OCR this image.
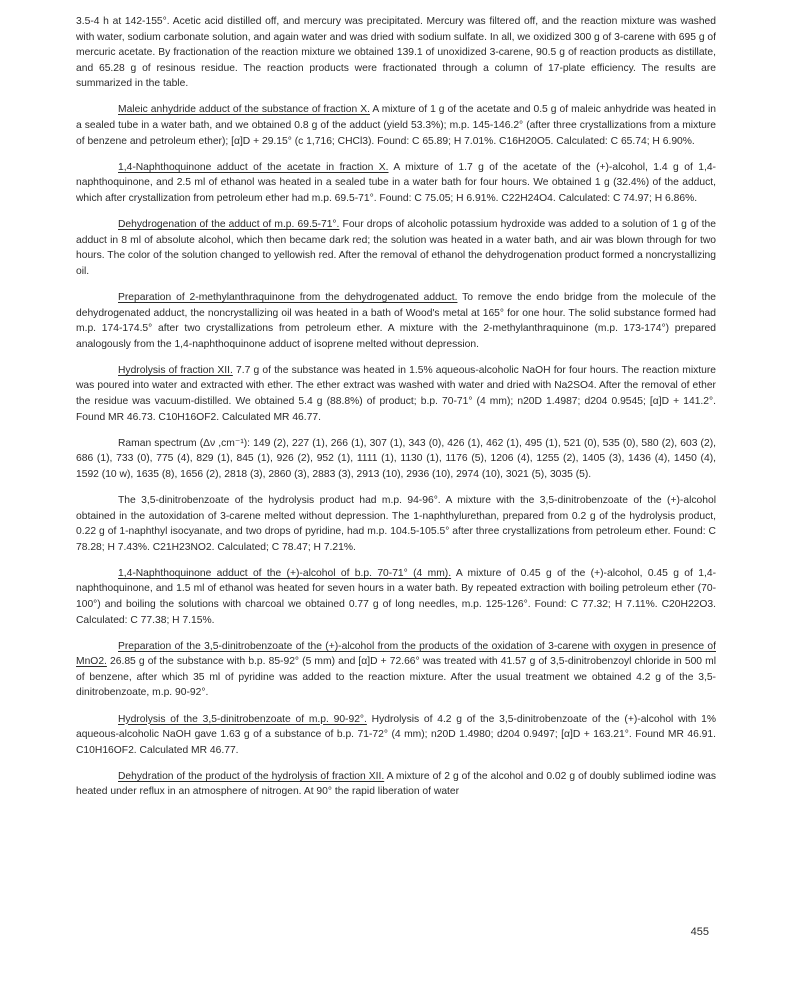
3.5-4 h at 142-155°. Acetic acid distilled off, and mercury was precipitated. Mercury was filtered off, and the reaction mixture was washed with water, sodium carbonate solution, and again water and was dried with sodium sulfate. In all, we oxidized 300 g of 3-carene with 695 g of mercuric acetate. By fractionation of the reaction mixture we obtained 139.1 of unoxidized 3-carene, 90.5 g of reaction products as distillate, and 65.28 g of resinous residue. The reaction products were fractionated through a column of 17-plate efficiency. The results are summarized in the table.

Maleic anhydride adduct of the substance of fraction X. A mixture of 1 g of the acetate and 0.5 g of maleic anhydride was heated in a sealed tube in a water bath, and we obtained 0.8 g of the adduct (yield 53.3%); m.p. 145-146.2° (after three crystallizations from a mixture of benzene and petroleum ether); [α]D + 29.15° (c 1,716; CHCl3). Found: C 65.89; H 7.01%. C16H20O5. Calculated: C 65.74; H 6.90%.

1,4-Naphthoquinone adduct of the acetate in fraction X. A mixture of 1.7 g of the acetate of the (+)-alcohol, 1.4 g of 1,4-naphthoquinone, and 2.5 ml of ethanol was heated in a sealed tube in a water bath for four hours. We obtained 1 g (32.4%) of the adduct, which after crystallization from petroleum ether had m.p. 69.5-71°. Found: C 75.05; H 6.91%. C22H24O4. Calculated: C 74.97; H 6.86%.

Dehydrogenation of the adduct of m.p. 69.5-71°. Four drops of alcoholic potassium hydroxide was added to a solution of 1 g of the adduct in 8 ml of absolute alcohol, which then became dark red; the solution was heated in a water bath, and air was blown through for two hours. The color of the solution changed to yellowish red. After the removal of ethanol the dehydrogenation product formed a noncrystallizing oil.

Preparation of 2-methylanthraquinone from the dehydrogenated adduct. To remove the endo bridge from the molecule of the dehydrogenated adduct, the noncrystallizing oil was heated in a bath of Wood's metal at 165° for one hour. The solid substance formed had m.p. 174-174.5° after two crystallizations from petroleum ether. A mixture with the 2-methylanthraquinone (m.p. 173-174°) prepared analogously from the 1,4-naphthoquinone adduct of isoprene melted without depression.

Hydrolysis of fraction XII. 7.7 g of the substance was heated in 1.5% aqueous-alcoholic NaOH for four hours. The reaction mixture was poured into water and extracted with ether. The ether extract was washed with water and dried with Na2SO4. After the removal of ether the residue was vacuum-distilled. We obtained 5.4 g (88.8%) of product; b.p. 70-71° (4 mm); n20D 1.4987; d204 0.9545; [α]D + 141.2°. Found MR 46.73. C10H16OF2. Calculated MR 46.77.

Raman spectrum (Δν ,cm⁻¹): 149 (2), 227 (1), 266 (1), 307 (1), 343 (0), 426 (1), 462 (1), 495 (1), 521 (0), 535 (0), 580 (2), 603 (2), 686 (1), 733 (0), 775 (4), 829 (1), 845 (1), 926 (2), 952 (1), 1111 (1), 1130 (1), 1176 (5), 1206 (4), 1255 (2), 1405 (3), 1436 (4), 1450 (4), 1592 (10 w), 1635 (8), 1656 (2), 2818 (3), 2860 (3), 2883 (3), 2913 (10), 2936 (10), 2974 (10), 3021 (5), 3035 (5).

The 3,5-dinitrobenzoate of the hydrolysis product had m.p. 94-96°. A mixture with the 3,5-dinitrobenzoate of the (+)-alcohol obtained in the autoxidation of 3-carene melted without depression. The 1-naphthylurethan, prepared from 0.2 g of the hydrolysis product, 0.22 g of 1-naphthyl isocyanate, and two drops of pyridine, had m.p. 104.5-105.5° after three crystallizations from petroleum ether. Found: C 78.28; H 7.43%. C21H23NO2. Calculated; C 78.47; H 7.21%.

1,4-Naphthoquinone adduct of the (+)-alcohol of b.p. 70-71° (4 mm). A mixture of 0.45 g of the (+)-alcohol, 0.45 g of 1,4-naphthoquinone, and 1.5 ml of ethanol was heated for seven hours in a water bath. By repeated extraction with boiling petroleum ether (70-100°) and boiling the solutions with charcoal we obtained 0.77 g of long needles, m.p. 125-126°. Found: C 77.32; H 7.11%. C20H22O3. Calculated: C 77.38; H 7.15%.

Preparation of the 3,5-dinitrobenzoate of the (+)-alcohol from the products of the oxidation of 3-carene with oxygen in presence of MnO2. 26.85 g of the substance with b.p. 85-92° (5 mm) and [α]D + 72.66° was treated with 41.57 g of 3,5-dinitrobenzoyl chloride in 500 ml of benzene, after which 35 ml of pyridine was added to the reaction mixture. After the usual treatment we obtained 4.2 g of the 3,5-dinitrobenzoate, m.p. 90-92°.

Hydrolysis of the 3,5-dinitrobenzoate of m.p. 90-92°. Hydrolysis of 4.2 g of the 3,5-dinitrobenzoate of the (+)-alcohol with 1% aqueous-alcoholic NaOH gave 1.63 g of a substance of b.p. 71-72° (4 mm); n20D 1.4980; d204 0.9497; [α]D + 163.21°. Found MR 46.91. C10H16OF2. Calculated MR 46.77.

Dehydration of the product of the hydrolysis of fraction XII. A mixture of 2 g of the alcohol and 0.02 g of doubly sublimed iodine was heated under reflux in an atmosphere of nitrogen. At 90° the rapid liberation of water

455
